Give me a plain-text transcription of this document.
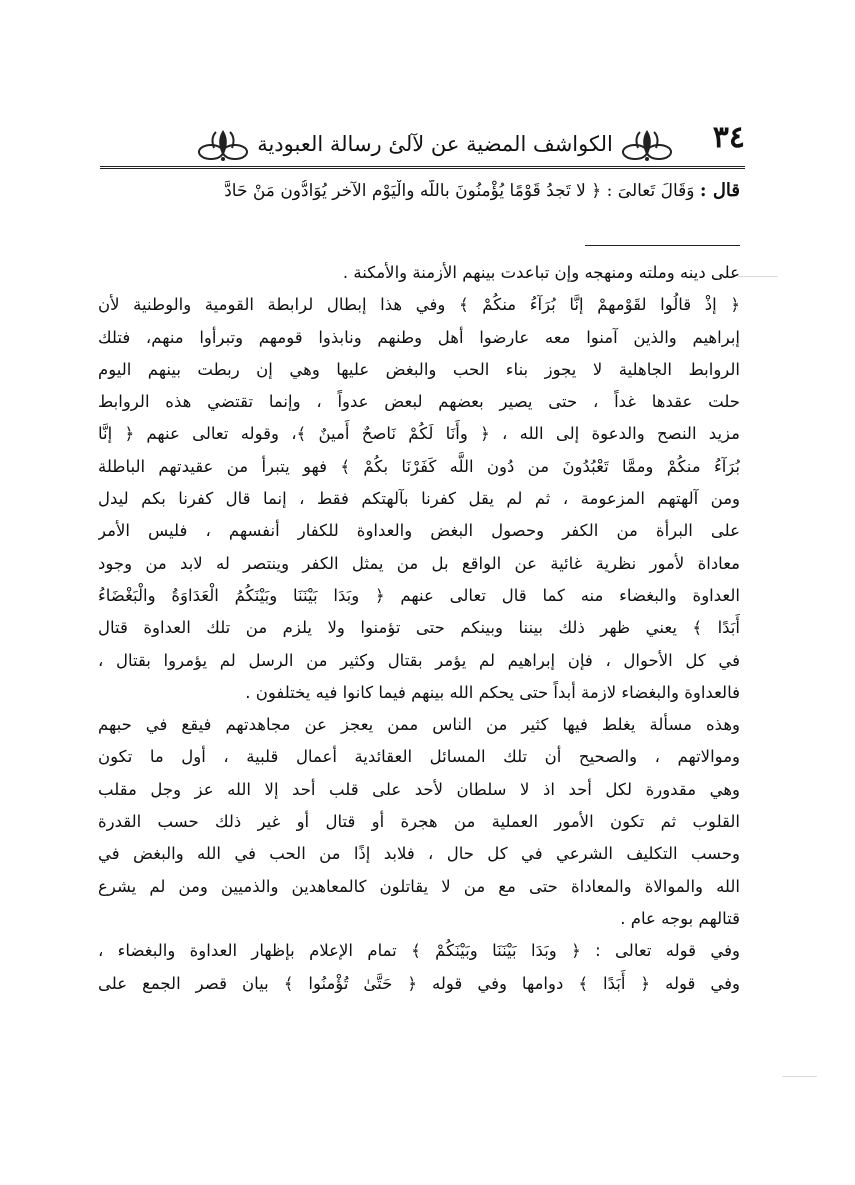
٣٤
الكواشف المضية عن لآلئ رسالة العبودية
قال : وَقَالَ تَعالىَ : ﴿ لا تَجدُ قَوْمًا يُؤْمنُونَ باللَّه والْيَوْم الآخر يُوَادُّون مَنْ حَادَّ
على دينه وملته ومنهجه وإن تباعدت بينهم الأزمنة والأمكنة .
﴿ إذْ قالُوا لقَوْمهمْ إنَّا بُرَآءُ منكُمْ ﴾ وفي هذا إبطال لرابطة القومية والوطنية لأن
إبراهيم والذين آمنوا معه عارضوا أهل وطنهم ونابذوا قومهم وتبرأوا منهم، فتلك
الروابط الجاهلية لا يجوز بناء الحب والبغض عليها وهي إن ربطت بينهم اليوم
حلت عقدها غداً ، حتى يصير بعضهم لبعض عدواً ، وإنما تقتضي هذه الروابط
مزيد النصح والدعوة إلى الله ، ﴿ وأَنَا لَكُمْ نَاصحٌ أَمينٌ ﴾، وقوله تعالى عنهم ﴿ إنَّا
بُرَآءُ منكُمْ وممَّا تَعْبُدُونَ من دُون اللَّه كَفَرْنَا بكُمْ ﴾ فهو يتبرأ من عقيدتهم الباطلة
ومن آلهتهم المزعومة ، ثم لم يقل كفرنا بآلهتكم فقط ، إنما قال كفرنا بكم ليدل
على البرأة من الكفر وحصول البغض والعداوة للكفار أنفسهم ، فليس الأمر
معاداة لأمور نظرية غائية عن الواقع بل من يمثل الكفر وينتصر له لابد من وجود
العداوة والبغضاء منه كما قال تعالى عنهم ﴿ وبَدَا بَيْنَنَا وبَيْنَكُمُ الْعَدَاوَةُ والْبَغْضَاءُ
أَبَدًا ﴾ يعني ظهر ذلك بيننا وبينكم حتى تؤمنوا ولا يلزم من تلك العداوة قتال
في كل الأحوال ، فإن إبراهيم لم يؤمر بقتال وكثير من الرسل لم يؤمروا بقتال ،
فالعداوة والبغضاء لازمة أبداً حتى يحكم الله بينهم فيما كانوا فيه يختلفون .
وهذه مسألة يغلط فيها كثير من الناس ممن يعجز عن مجاهدتهم فيقع في حبهم
وموالاتهم ، والصحيح أن تلك المسائل العقائدية أعمال قلبية ، أول ما تكون
وهي مقدورة لكل أحد اذ لا سلطان لأحد على قلب أحد إلا الله عز وجل مقلب
القلوب ثم تكون الأمور العملية من هجرة أو قتال أو غير ذلك حسب القدرة
وحسب التكليف الشرعي في كل حال ، فلابد إذًا من الحب في الله والبغض في
الله والموالاة والمعاداة حتى مع من لا يقاتلون كالمعاهدين والذميين ومن لم يشرع
قتالهم بوجه عام .
وفي قوله تعالى : ﴿ وبَدَا بَيْنَنَا وبَيْنَكُمْ ﴾ تمام الإعلام بإظهار العداوة والبغضاء ،
وفي قوله ﴿ أَبَدًا ﴾ دوامها وفي قوله ﴿ حَتَّىٰ تُؤْمنُوا ﴾ بيان قصر الجمع على
